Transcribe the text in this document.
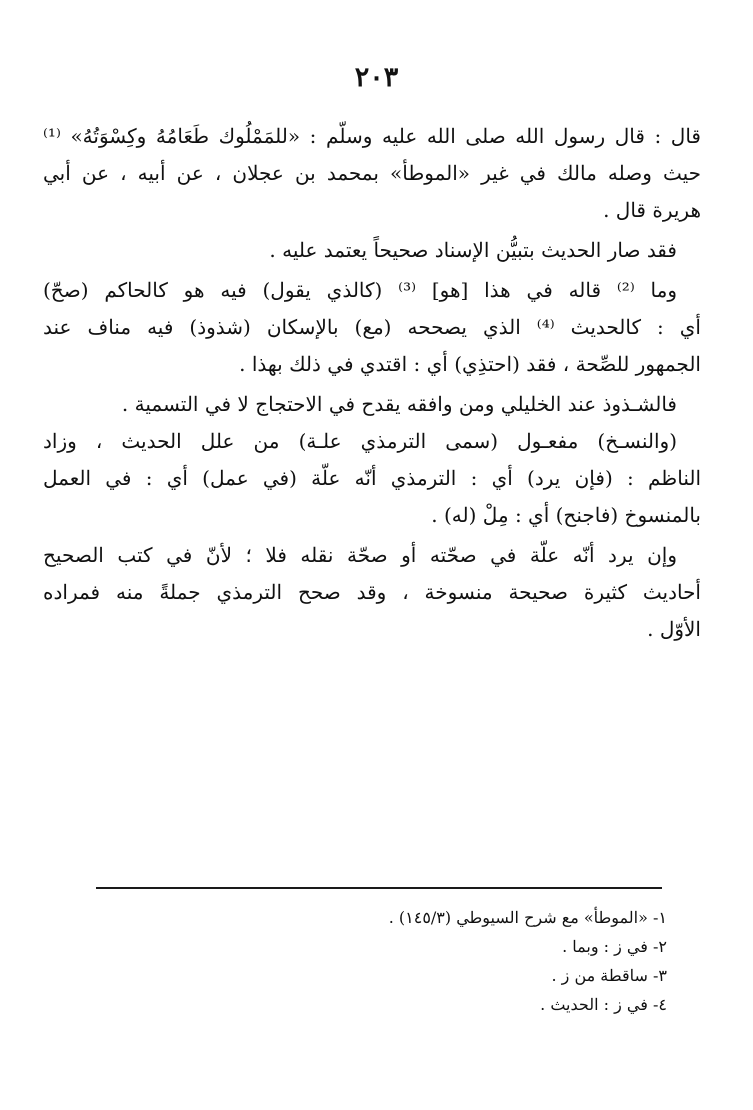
٢٠٣
قال : قال رسول الله صلى الله عليه وسلّم : «للمَمْلُوك طَعَامُهُ وكِسْوَتُهُ» ⁽¹⁾
حيث وصله مالك في غير «الموطأ» بمحمد بن عجلان ، عن أبيه ، عن أبي
هريرة قال .
فقد صار الحديث بتبيُّن الإسناد صحيحاً يعتمد عليه .
وما ⁽²⁾ قاله في هذا [هو] ⁽³⁾ (كالذي يقول) فيه هو كالحاكم (صحّ)
أي : كالحديث ⁽⁴⁾ الذي يصححه (مع) بالإسكان (شذوذ) فيه مناف عند
الجمهور للصِّحة ، فقد (احتذِي) أي : اقتدي في ذلك بهذا .
فالشـذوذ عند الخليلي ومن وافقه يقدح في الاحتجاج لا في التسمية .
(والنسـخ) مفعـول (سمى الترمذي علـة) من علل الحديث ، وزاد
الناظم : (فإن يرد) أي : الترمذي أنّه علّة (في عمل) أي : في العمل
بالمنسوخ (فاجنح) أي : مِلْ (له) .
وإن يرد أنّه علّة في صحّته أو صحّة نقله فلا ؛ لأنّ في كتب الصحيح
أحاديث كثيرة صحيحة منسوخة ، وقد صحح الترمذي جملةً منه فمراده
الأوّل .
١- «الموطأ» مع شرح السيوطي (١٤٥/٣) .
٢- في ز : وبما .
٣- ساقطة من ز .
٤- في ز : الحديث .
